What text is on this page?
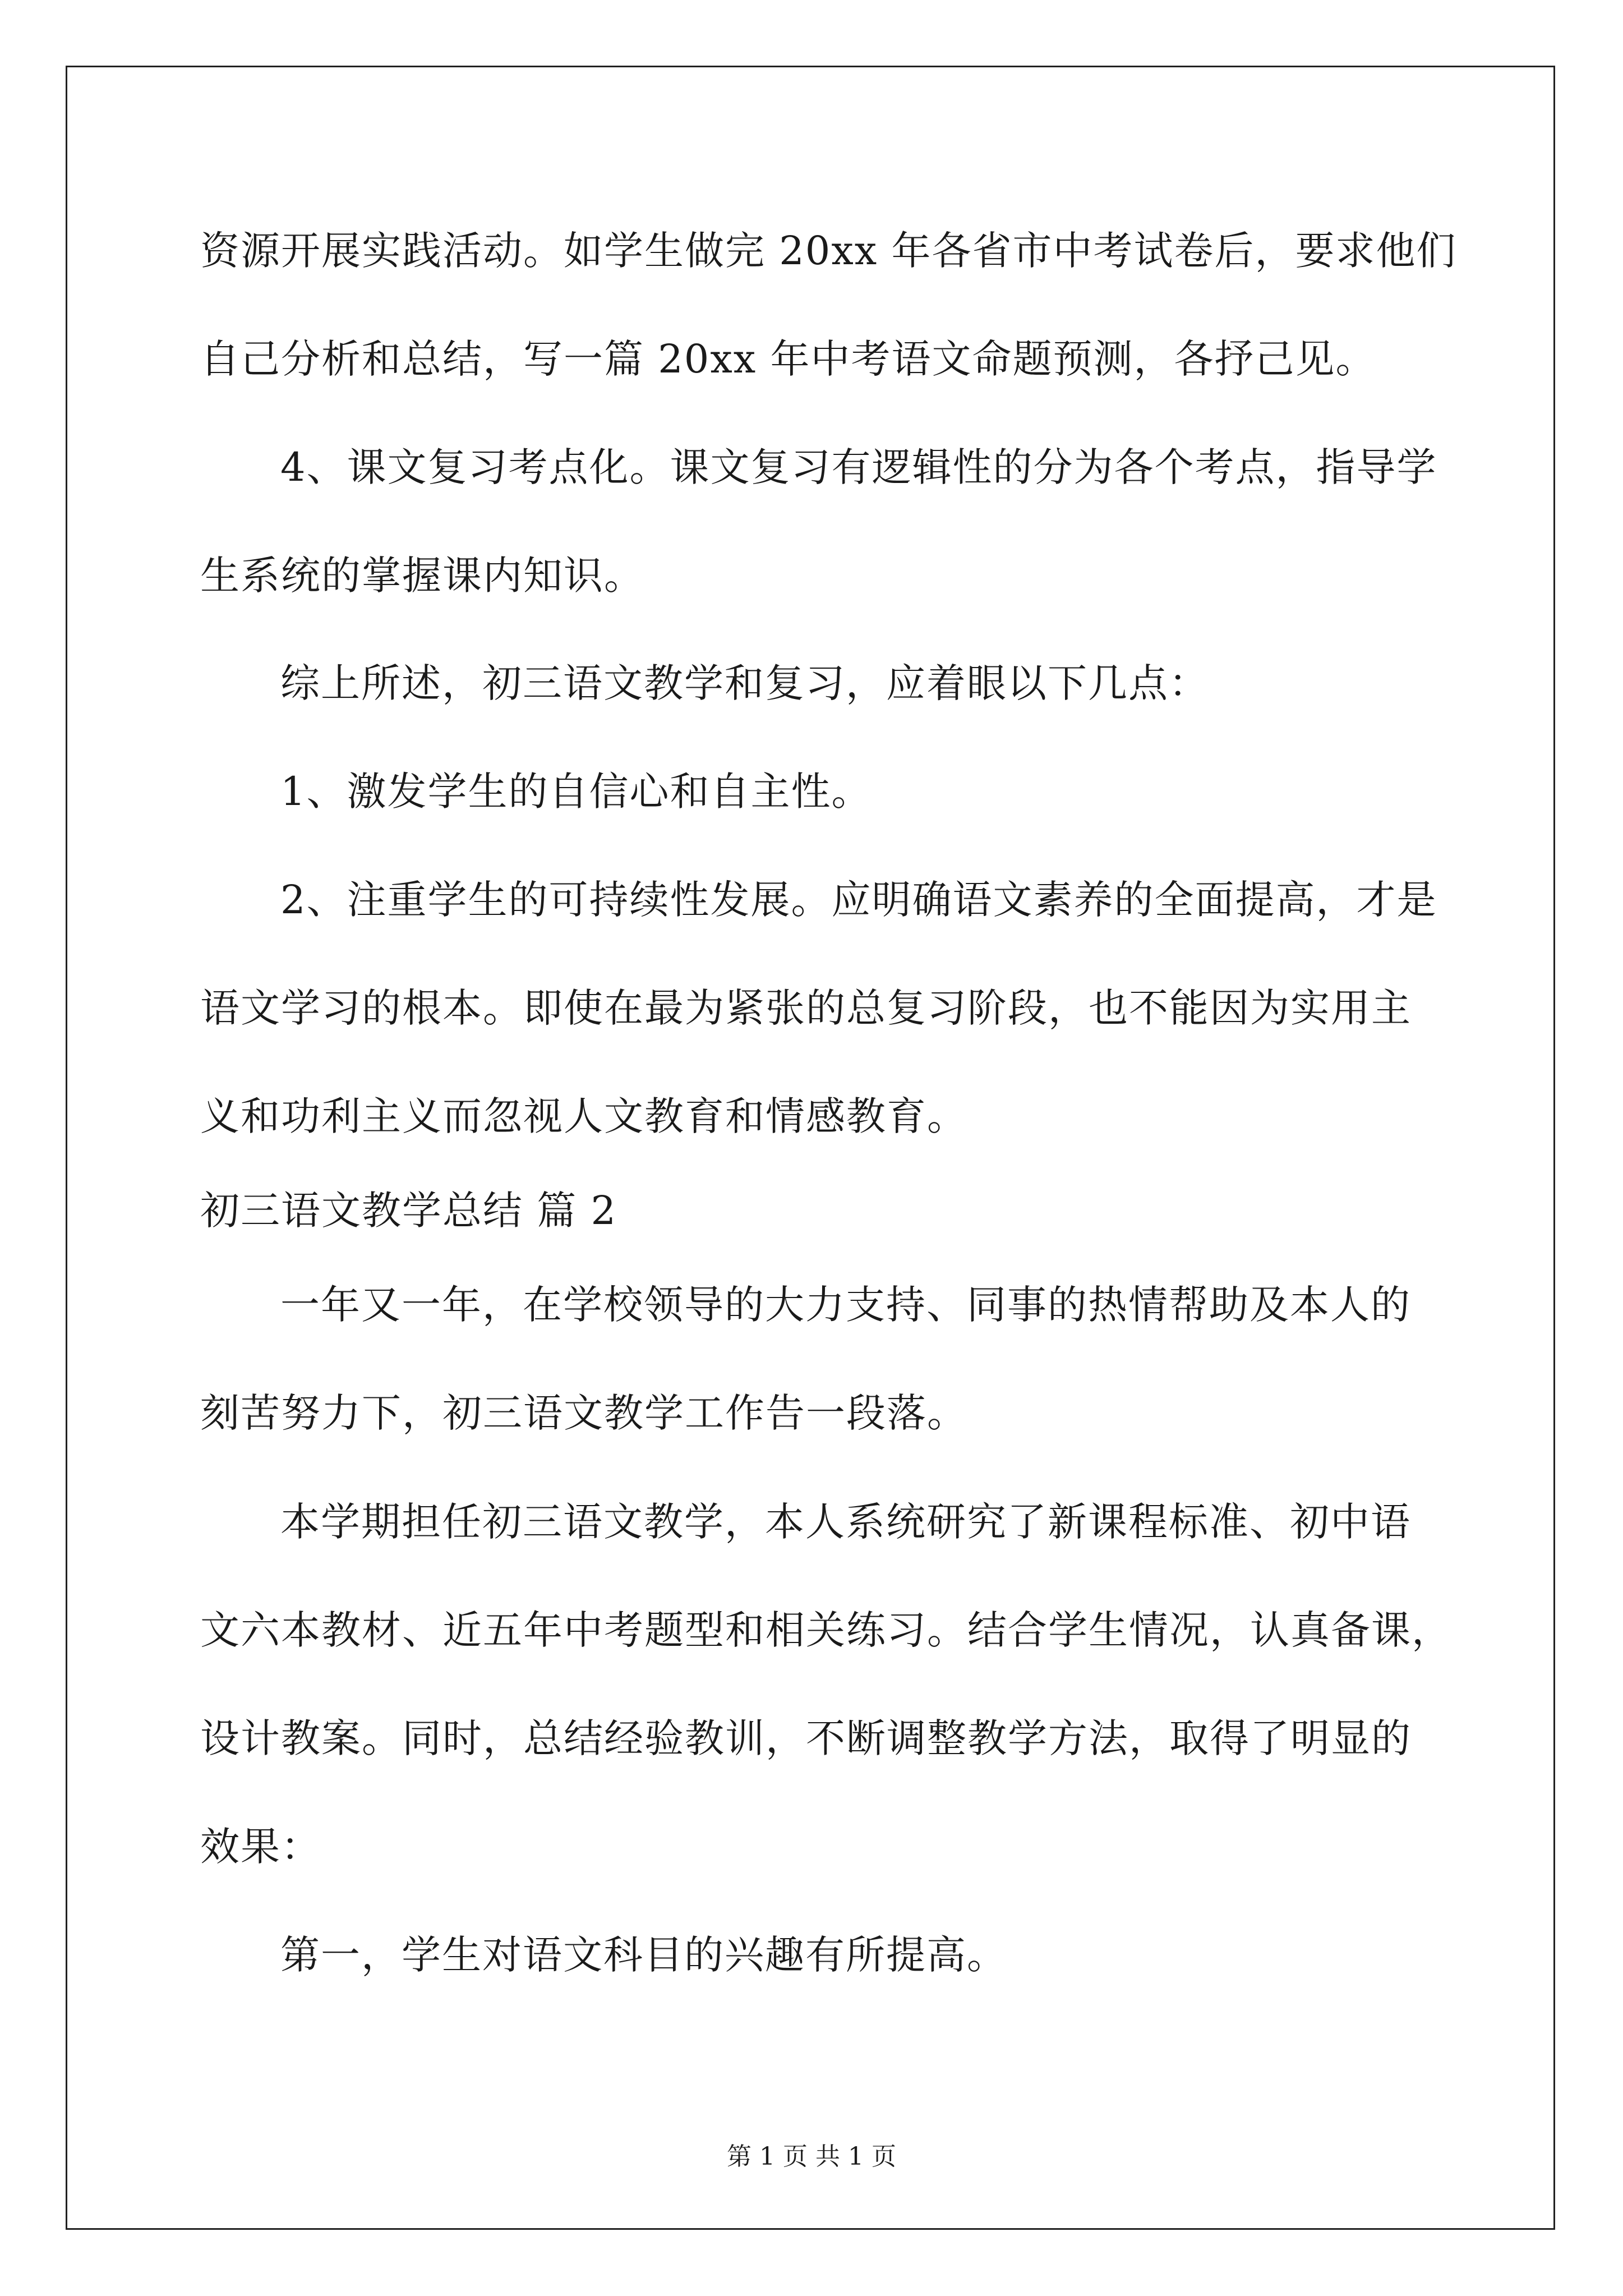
资源开展实践活动。如学生做完 20xx 年各省市中考试卷后，要求他们
自己分析和总结，写一篇 20xx 年中考语文命题预测，各抒己见。
4、课文复习考点化。课文复习有逻辑性的分为各个考点，指导学
生系统的掌握课内知识。
综上所述，初三语文教学和复习，应着眼以下几点：
1、激发学生的自信心和自主性。
2、注重学生的可持续性发展。应明确语文素养的全面提高，才是
语文学习的根本。即使在最为紧张的总复习阶段，也不能因为实用主
义和功利主义而忽视人文教育和情感教育。
初三语文教学总结 篇 2
一年又一年，在学校领导的大力支持、同事的热情帮助及本人的
刻苦努力下，初三语文教学工作告一段落。
本学期担任初三语文教学，本人系统研究了新课程标准、初中语
文六本教材、近五年中考题型和相关练习。结合学生情况，认真备课，
设计教案。同时，总结经验教训，不断调整教学方法，取得了明显的
效果：
第一，学生对语文科目的兴趣有所提高。
第 1 页 共 1 页
